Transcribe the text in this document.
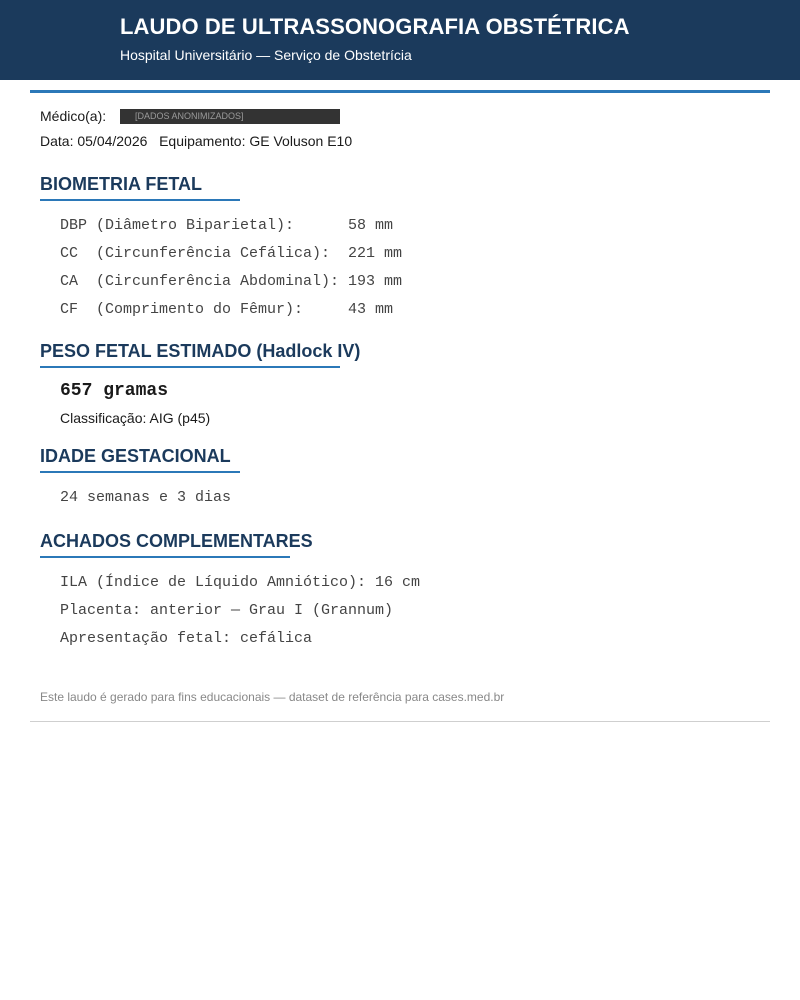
LAUDO DE ULTRASSONOGRAFIA OBSTÉTRICA
Hospital Universitário — Serviço de Obstetrícia
Médico(a):	[DADOS ANONIMIZADOS]
Data: 05/04/2026   Equipamento: GE Voluson E10
BIOMETRIA FETAL
DBP (Diâmetro Biparietal):      58 mm
CC  (Circunferência Cefálica):  221 mm
CA  (Circunferência Abdominal): 193 mm
CF  (Comprimento do Fêmur):     43 mm
PESO FETAL ESTIMADO (Hadlock IV)
657 gramas
Classificação: AIG (p45)
IDADE GESTACIONAL
24 semanas e 3 dias
ACHADOS COMPLEMENTARES
ILA (Índice de Líquido Amniótico): 16 cm
Placenta: anterior — Grau I (Grannum)
Apresentação fetal: cefálica
Este laudo é gerado para fins educacionais — dataset de referência para cases.med.br
